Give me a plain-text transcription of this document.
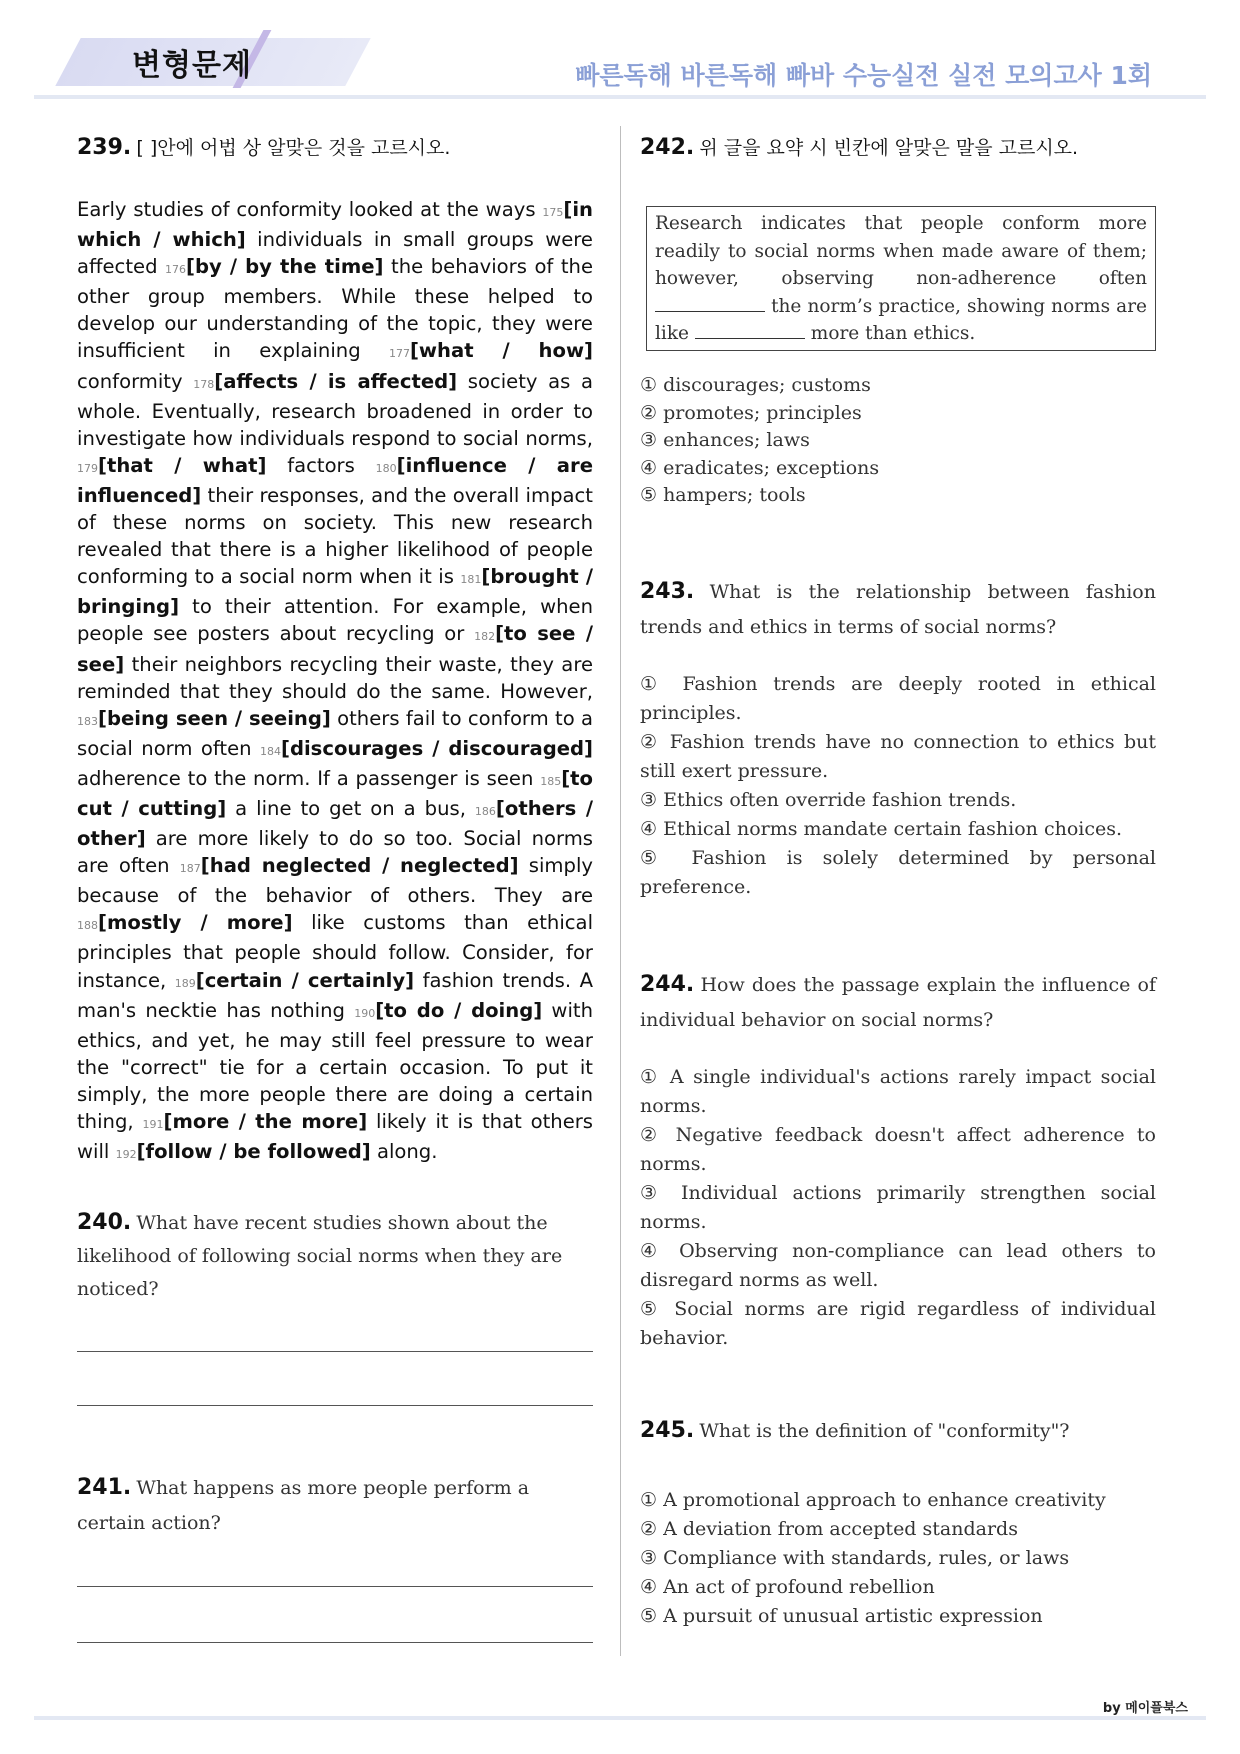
변형문제	빠른독해 바른독해 빠바 수능실전 실전 모의고사 1회
239. [ ]안에 어법 상 알맞은 것을 고르시오.
Early studies of conformity looked at the ways 175[in which / which] individuals in small groups were affected 176[by / by the time] the behaviors of the other group members. While these helped to develop our understanding of the topic, they were insufficient in explaining 177[what / how] conformity 178[affects / is affected] society as a whole. Eventually, research broadened in order to investigate how individuals respond to social norms, 179[that / what] factors 180[influence / are influenced] their responses, and the overall impact of these norms on society. This new research revealed that there is a higher likelihood of people conforming to a social norm when it is 181[brought / bringing] to their attention. For example, when people see posters about recycling or 182[to see / see] their neighbors recycling their waste, they are reminded that they should do the same. However, 183[being seen / seeing] others fail to conform to a social norm often 184[discourages / discouraged] adherence to the norm. If a passenger is seen 185[to cut / cutting] a line to get on a bus, 186[others / other] are more likely to do so too. Social norms are often 187[had neglected / neglected] simply because of the behavior of others. They are 188[mostly / more] like customs than ethical principles that people should follow. Consider, for instance, 189[certain / certainly] fashion trends. A man's necktie has nothing 190[to do / doing] with ethics, and yet, he may still feel pressure to wear the "correct" tie for a certain occasion. To put it simply, the more people there are doing a certain thing, 191[more / the more] likely it is that others will 192[follow / be followed] along.
240. What have recent studies shown about the likelihood of following social norms when they are noticed?
241. What happens as more people perform a certain action?
242. 위 글을 요약 시 빈칸에 알맞은 말을 고르시오.
Research indicates that people conform more readily to social norms when made aware of them; however, observing non-adherence often  the norm’s practice, showing norms are like	more than ethics.
① discourages; customs
② promotes; principles
③ enhances; laws
④ eradicates; exceptions
⑤ hampers; tools
243. What is the relationship between fashion trends and ethics in terms of social norms?
① Fashion trends are deeply rooted in ethical principles.
② Fashion trends have no connection to ethics but still exert pressure.
③ Ethics often override fashion trends.
④ Ethical norms mandate certain fashion choices.
⑤ Fashion is solely determined by personal preference.
244. How does the passage explain the influence of individual behavior on social norms?
① A single individual's actions rarely impact social norms.
② Negative feedback doesn't affect adherence to norms.
③ Individual actions primarily strengthen social norms.
④ Observing non-compliance can lead others to disregard norms as well.
⑤ Social norms are rigid regardless of individual behavior.
245. What is the definition of "conformity"?
① A promotional approach to enhance creativity
② A deviation from accepted standards
③ Compliance with standards, rules, or laws
④ An act of profound rebellion
⑤ A pursuit of unusual artistic expression
by 메이플북스
